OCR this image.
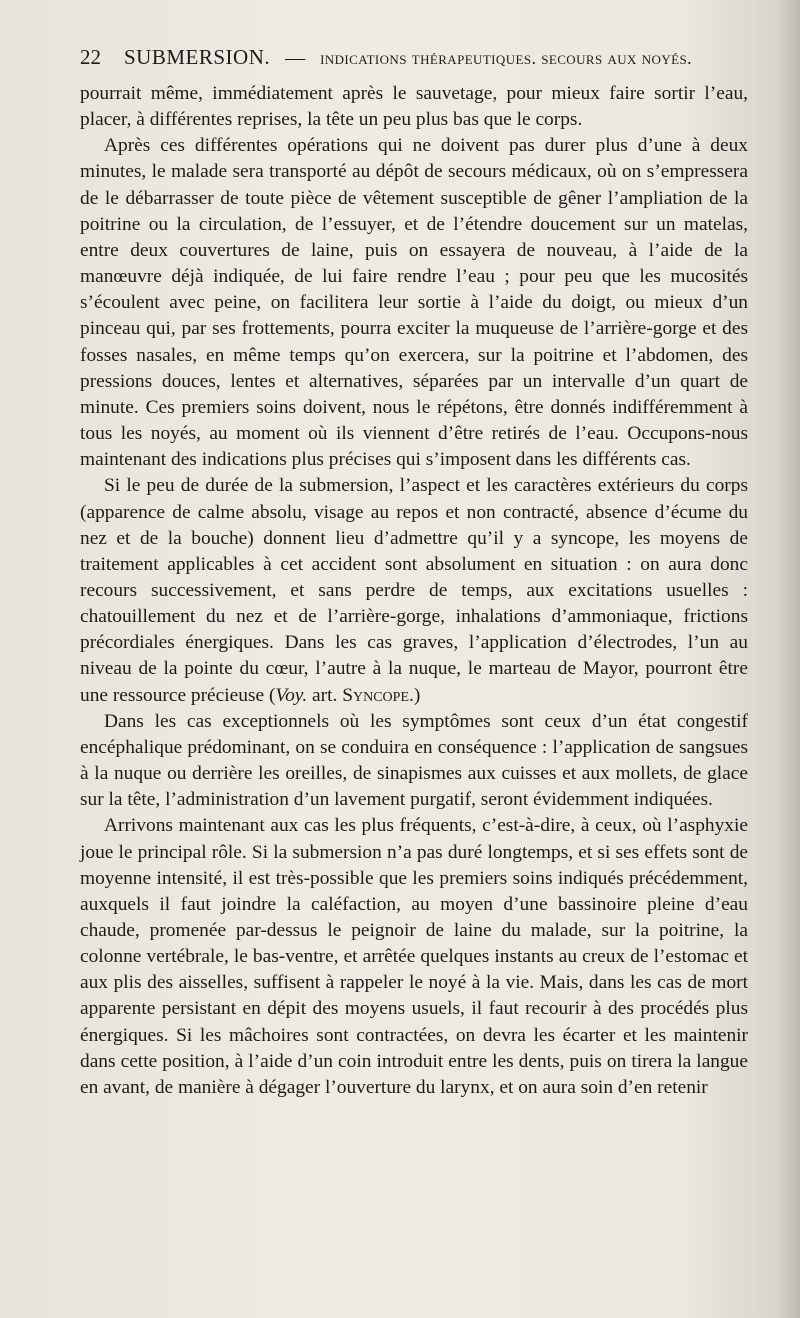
22 SUBMERSION. — indications thérapeutiques. secours aux noyés.

pourrait même, immédiatement après le sauvetage, pour mieux faire sortir l’eau, placer, à différentes reprises, la tête un peu plus bas que le corps.

Après ces différentes opérations qui ne doivent pas durer plus d’une à deux minutes, le malade sera transporté au dépôt de secours médicaux, où on s’empressera de le débarrasser de toute pièce de vêtement susceptible de gêner l’ampliation de la poitrine ou la circulation, de l’essuyer, et de l’étendre doucement sur un matelas, entre deux couvertures de laine, puis on essayera de nouveau, à l’aide de la manœuvre déjà indiquée, de lui faire rendre l’eau ; pour peu que les mucosités s’écoulent avec peine, on facilitera leur sortie à l’aide du doigt, ou mieux d’un pinceau qui, par ses frottements, pourra exciter la muqueuse de l’arrière-gorge et des fosses nasales, en même temps qu’on exercera, sur la poitrine et l’abdomen, des pressions douces, lentes et alternatives, séparées par un intervalle d’un quart de minute. Ces premiers soins doivent, nous le répétons, être donnés indifféremment à tous les noyés, au moment où ils viennent d’être retirés de l’eau. Occupons-nous maintenant des indications plus précises qui s’imposent dans les différents cas.

Si le peu de durée de la submersion, l’aspect et les caractères extérieurs du corps (apparence de calme absolu, visage au repos et non contracté, absence d’écume du nez et de la bouche) donnent lieu d’admettre qu’il y a syncope, les moyens de traitement applicables à cet accident sont absolument en situation : on aura donc recours successivement, et sans perdre de temps, aux excitations usuelles : chatouillement du nez et de l’arrière-gorge, inhalations d’ammoniaque, frictions précordiales énergiques. Dans les cas graves, l’application d’électrodes, l’un au niveau de la pointe du cœur, l’autre à la nuque, le marteau de Mayor, pourront être une ressource précieuse (Voy. art. Syncope.)

Dans les cas exceptionnels où les symptômes sont ceux d’un état congestif encéphalique prédominant, on se conduira en conséquence : l’application de sangsues à la nuque ou derrière les oreilles, de sinapismes aux cuisses et aux mollets, de glace sur la tête, l’administration d’un lavement purgatif, seront évidemment indiquées.

Arrivons maintenant aux cas les plus fréquents, c’est-à-dire, à ceux, où l’asphyxie joue le principal rôle. Si la submersion n’a pas duré longtemps, et si ses effets sont de moyenne intensité, il est très-possible que les premiers soins indiqués précédemment, auxquels il faut joindre la caléfaction, au moyen d’une bassinoire pleine d’eau chaude, promenée par-dessus le peignoir de laine du malade, sur la poitrine, la colonne vertébrale, le bas-ventre, et arrêtée quelques instants au creux de l’estomac et aux plis des aisselles, suffisent à rappeler le noyé à la vie. Mais, dans les cas de mort apparente persistant en dépit des moyens usuels, il faut recourir à des procédés plus énergiques. Si les mâchoires sont contractées, on devra les écarter et les maintenir dans cette position, à l’aide d’un coin introduit entre les dents, puis on tirera la langue en avant, de manière à dégager l’ouverture du larynx, et on aura soin d’en retenir
